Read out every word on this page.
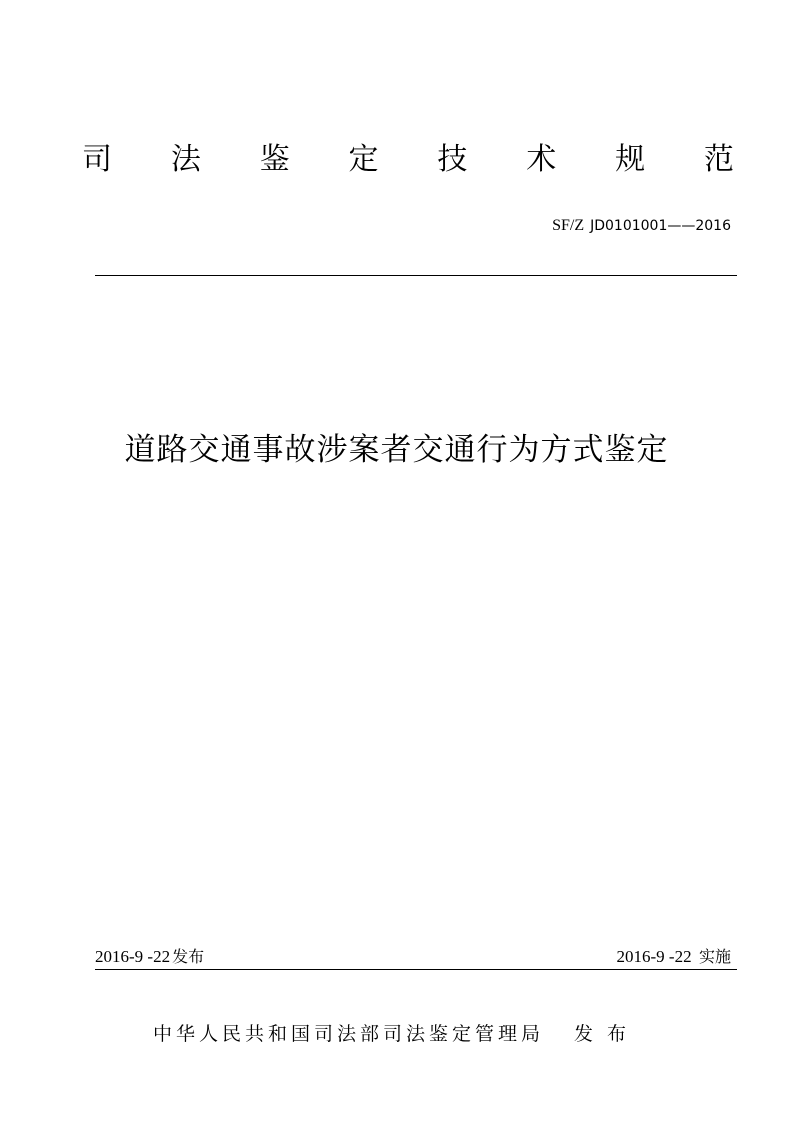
司 法 鉴 定 技 术 规 范
SF/Z JD0101001——2016
道路交通事故涉案者交通行为方式鉴定
2016-9 -22 发布	2016-9 -22 实施
中华人民共和国司法部司法鉴定管理局 发布
